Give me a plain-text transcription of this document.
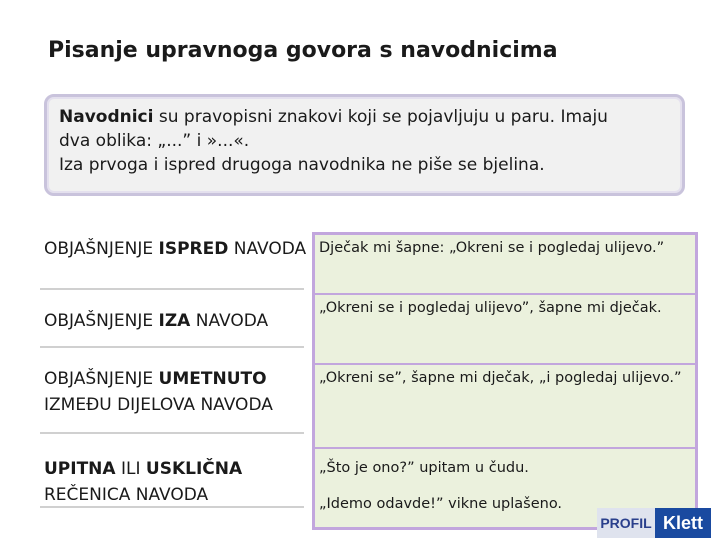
Pisanje upravnoga govora s navodnicima
Navodnici su pravopisni znakovi koji se pojavljuju u paru. Imaju
dva oblika: „...” i »...«.
Iza prvoga i ispred drugoga navodnika ne piše se bjelina.
OBJAŠNJENJE ISPRED NAVODA	Dječak mi šapne: „Okreni se i pogledaj ulijevo.”
OBJAŠNJENJE IZA NAVODA	„Okreni se i pogledaj ulijevo”, šapne mi dječak.
OBJAŠNJENJE UMETNUTO IZMEĐU DIJELOVA NAVODA	„Okreni se”, šapne mi dječak, „i pogledaj ulijevo.”
UPITNA ILI USKLIČNA REČENICA NAVODA	„Što je ono?” upitam u čudu.
„Idemo odavde!” vikne uplašeno.
PROFIL Klett
